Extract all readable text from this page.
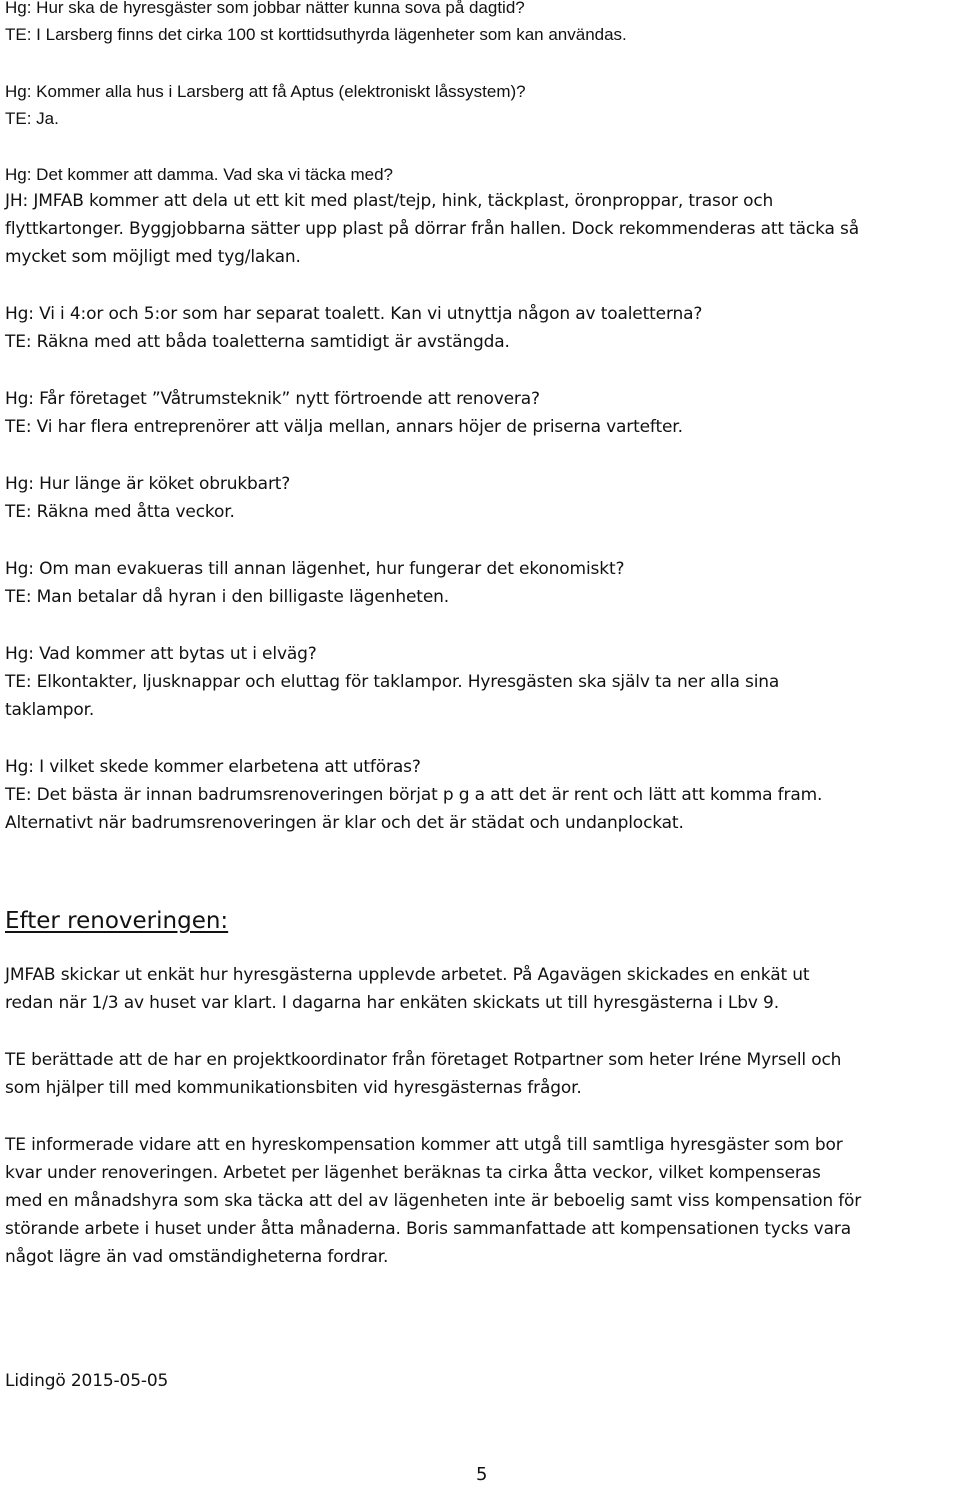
Hg: Hur ska de hyresgäster som jobbar nätter kunna sova på dagtid?
TE: I Larsberg finns det cirka 100 st korttidsuthyrda lägenheter som kan användas.
Hg: Kommer alla hus i Larsberg att få Aptus (elektroniskt låssystem)?
TE: Ja.
Hg: Det kommer att damma. Vad ska vi täcka med?
JH: JMFAB kommer att dela ut ett kit med plast/tejp, hink, täckplast, öronproppar, trasor och
flyttkartonger. Byggjobbarna sätter upp plast på dörrar från hallen. Dock rekommenderas att täcka så
mycket som möjligt med tyg/lakan.
Hg: Vi i 4:or och 5:or som har separat toalett. Kan vi utnyttja någon av toaletterna?
TE: Räkna med att båda toaletterna samtidigt är avstängda.
Hg: Får företaget ”Våtrumsteknik” nytt förtroende att renovera?
TE: Vi har flera entreprenörer att välja mellan, annars höjer de priserna vartefter.
Hg: Hur länge är köket obrukbart?
TE: Räkna med åtta veckor.
Hg: Om man evakueras till annan lägenhet, hur fungerar det ekonomiskt?
TE: Man betalar då hyran i den billigaste lägenheten.
Hg: Vad kommer att bytas ut i elväg?
TE: Elkontakter, ljusknappar och eluttag för taklampor. Hyresgästen ska själv ta ner alla sina
taklampor.
Hg: I vilket skede kommer elarbetena att utföras?
TE: Det bästa är innan badrumsrenoveringen börjat p g a att det är rent och lätt att komma fram.
Alternativt när badrumsrenoveringen är klar och det är städat och undanplockat.
Efter renoveringen:
JMFAB skickar ut enkät hur hyresgästerna upplevde arbetet. På Agavägen skickades en enkät ut
redan när 1/3 av huset var klart. I dagarna har enkäten skickats ut till hyresgästerna i Lbv 9.
TE berättade att de har en projektkoordinator från företaget Rotpartner som heter Iréne Myrsell och
som hjälper till med kommunikationsbiten vid hyresgästernas frågor.
TE informerade vidare att en hyreskompensation kommer att utgå till samtliga hyresgäster som bor
kvar under renoveringen. Arbetet per lägenhet beräknas ta cirka åtta veckor, vilket kompenseras
med en månadshyra som ska täcka att del av lägenheten inte är beboelig samt viss kompensation för
störande arbete i huset under åtta månaderna. Boris sammanfattade att kompensationen tycks vara
något lägre än vad omständigheterna fordrar.
Lidingö 2015-05-05
5
